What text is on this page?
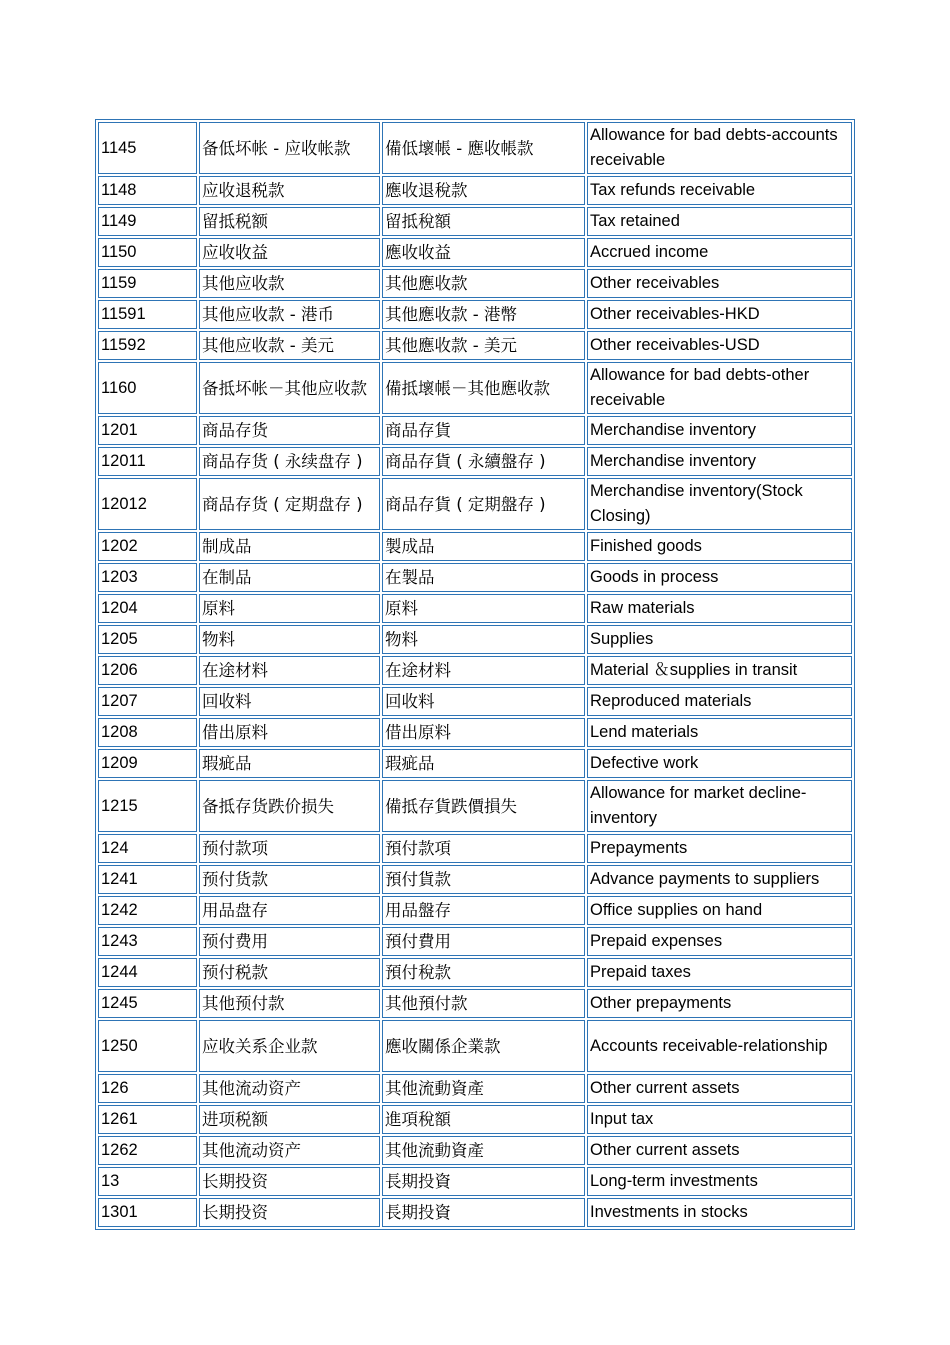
1145	备低坏帐 - 应收帐款	備低壞帳 - 應收帳款	Allowance for bad debts-accounts receivable
1148	应收退税款	應收退稅款	Tax refunds receivable
1149	留抵税额	留抵稅額	Tax retained
1150	应收收益	應收收益	Accrued income
1159	其他应收款	其他應收款	Other receivables
11591	其他应收款 - 港币	其他應收款 - 港幣	Other receivables-HKD
11592	其他应收款 - 美元	其他應收款 - 美元	Other receivables-USD
1160	备抵坏帐－其他应收款	備抵壞帳－其他應收款	Allowance for bad debts-other receivable
1201	商品存货	商品存貨	Merchandise inventory
12011	商品存货 ( 永续盘存 )	商品存貨 ( 永續盤存 )	Merchandise inventory
12012	商品存货 ( 定期盘存 )	商品存貨 ( 定期盤存 )	Merchandise inventory(Stock Closing)
1202	制成品	製成品	Finished goods
1203	在制品	在製品	Goods in process
1204	原料	原料	Raw materials
1205	物料	物料	Supplies
1206	在途材料	在途材料	Material ＆supplies in transit
1207	回收料	回收料	Reproduced materials
1208	借出原料	借出原料	Lend materials
1209	瑕疵品	瑕疵品	Defective work
1215	备抵存货跌价损失	備抵存貨跌價損失	Allowance for market decline-inventory
124	预付款项	預付款項	Prepayments
1241	预付货款	預付貨款	Advance payments to suppliers
1242	用品盘存	用品盤存	Office supplies on hand
1243	预付费用	預付費用	Prepaid expenses
1244	预付税款	預付稅款	Prepaid taxes
1245	其他预付款	其他預付款	Other prepayments
1250	应收关系企业款	應收關係企業款	Accounts receivable-relationship
126	其他流动资产	其他流動資產	Other current assets
1261	进项税额	進項稅額	Input tax
1262	其他流动资产	其他流動資產	Other current assets
13	长期投资	長期投資	Long-term investments
1301	长期投资	長期投資	Investments in stocks
